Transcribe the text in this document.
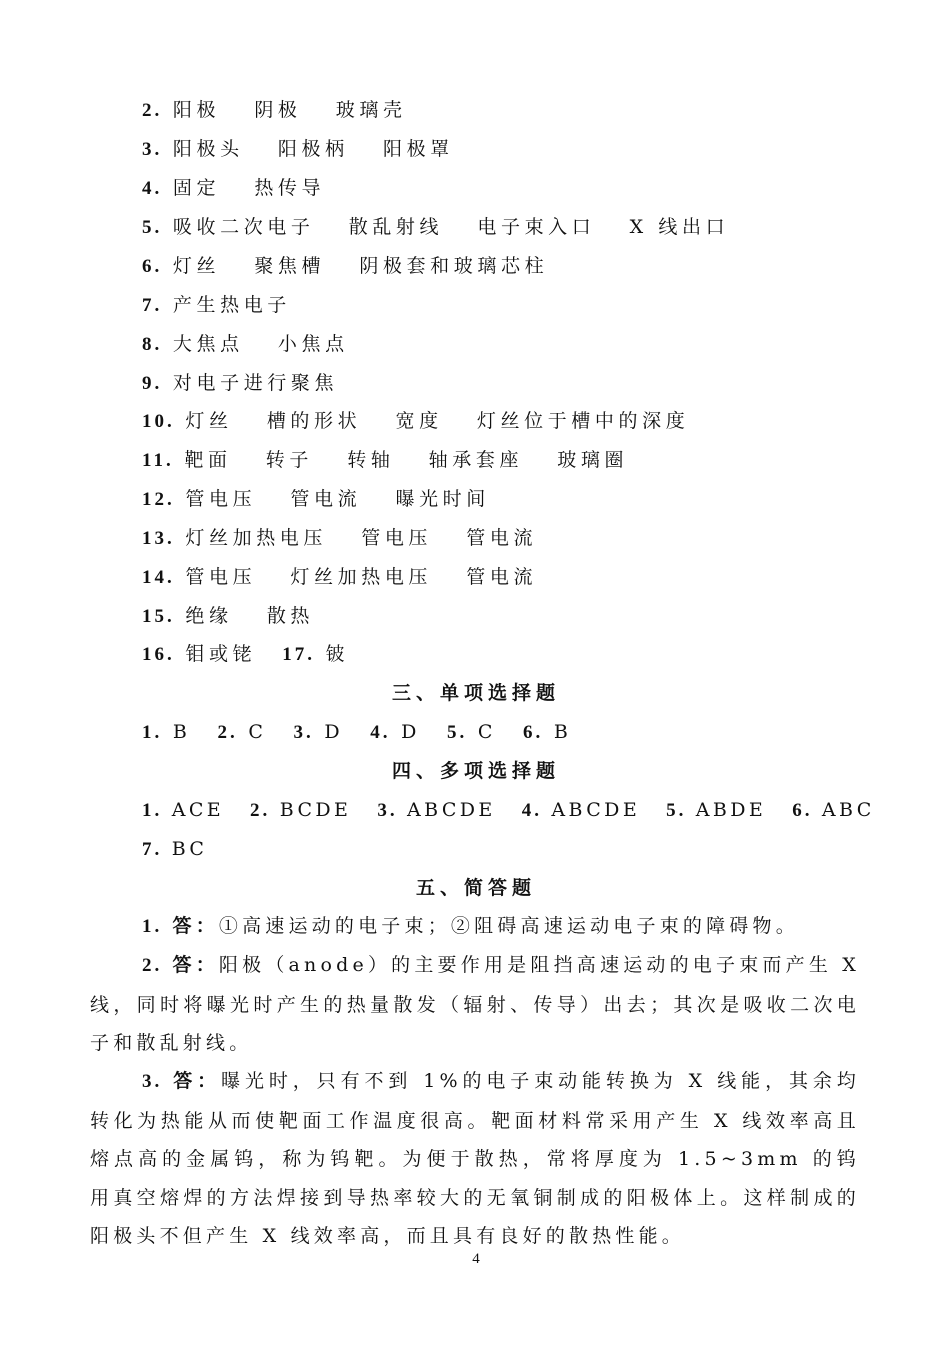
2. 阳极　 阴极　 玻璃壳
3. 阳极头　 阳极柄　 阳极罩
4. 固定　 热传导
5. 吸收二次电子　 散乱射线　 电子束入口　 X 线出口
6. 灯丝　 聚焦槽　 阴极套和玻璃芯柱
7. 产生热电子
8. 大焦点　 小焦点
9. 对电子进行聚焦
10. 灯丝　 槽的形状　 宽度　 灯丝位于槽中的深度
11. 靶面　 转子　 转轴　 轴承套座　 玻璃圈
12. 管电压　 管电流　 曝光时间
13. 灯丝加热电压　 管电压　 管电流
14. 管电压　 灯丝加热电压　 管电流
15. 绝缘　 散热
16. 钼或铑 17. 铍
三、单项选择题
1. B 2. C 3. D 4. D 5. C 6. B
四、多项选择题
1. ACE 2. BCDE 3. ABCDE 4. ABCDE 5. ABDE 6. ABC
7. BC
五、简答题
1. 答：①高速运动的电子束；②阻碍高速运动电子束的障碍物。
2. 答：阳极（anode）的主要作用是阻挡高速运动的电子束而产生 X 线，同时将曝光时产生的热量散发（辐射、传导）出去；其次是吸收二次电子和散乱射线。
3. 答：曝光时，只有不到 1%的电子束动能转换为 X 线能，其余均转化为热能从而使靶面工作温度很高。靶面材料常采用产生 X 线效率高且熔点高的金属钨，称为钨靶。为便于散热，常将厚度为 1.5~3mm 的钨用真空熔焊的方法焊接到导热率较大的无氧铜制成的阳极体上。这样制成的阳极头不但产生 X 线效率高，而且具有良好的散热性能。
4
